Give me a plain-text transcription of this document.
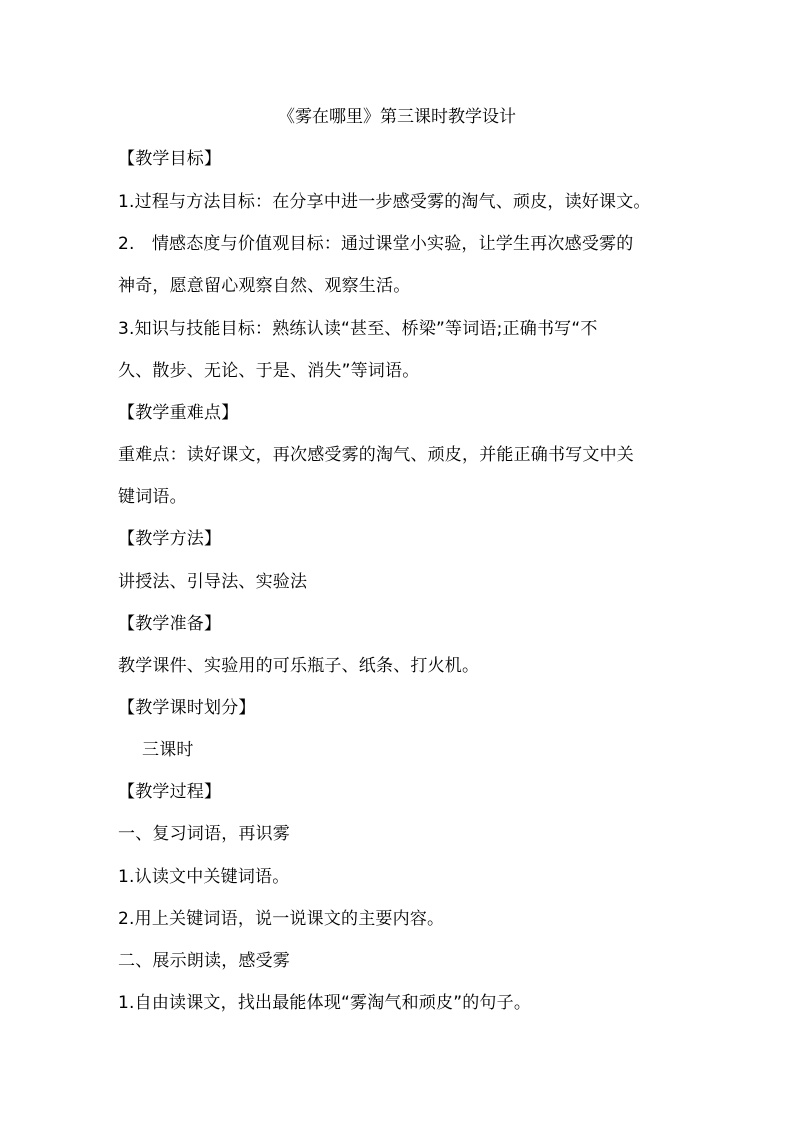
《雾在哪里》第三课时教学设计
【教学目标】
1.过程与方法目标：在分享中进一步感受雾的淘气、顽皮，读好课文。
2.　情感态度与价值观目标：通过课堂小实验，让学生再次感受雾的
神奇，愿意留心观察自然、观察生活。
3.知识与技能目标：熟练认读“甚至、桥梁”等词语;正确书写“不
久、散步、无论、于是、消失”等词语。
【教学重难点】
重难点：读好课文，再次感受雾的淘气、顽皮，并能正确书写文中关
键词语。
【教学方法】
讲授法、引导法、实验法
【教学准备】
教学课件、实验用的可乐瓶子、纸条、打火机。
【教学课时划分】
三课时
【教学过程】
一、复习词语，再识雾
1.认读文中关键词语。
2.用上关键词语，说一说课文的主要内容。
二、展示朗读，感受雾
1.自由读课文，找出最能体现“雾淘气和顽皮”的句子。
